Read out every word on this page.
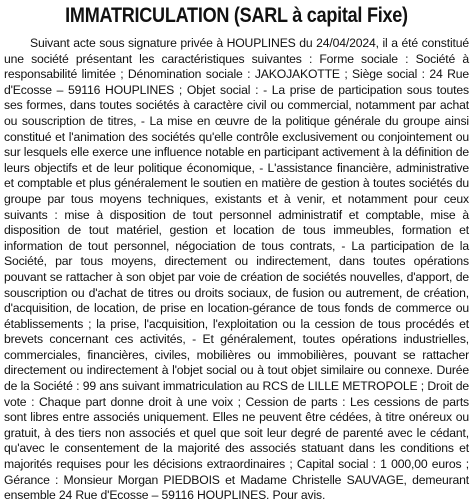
IMMATRICULATION (SARL à capital Fixe)

Suivant acte sous signature privée à HOUPLINES du 24/04/2024, il a été constitué une société présentant les caractéristiques suivantes : Forme sociale : Société à responsabilité limitée ; Dénomination sociale : JAKOJAKOTTE ; Siège social : 24 Rue d'Ecosse – 59116 HOUPLINES ; Objet social : - La prise de participation sous toutes ses formes, dans toutes sociétés à caractère civil ou commercial, notamment par achat ou souscription de titres, - La mise en œuvre de la politique générale du groupe ainsi constitué et l'animation des sociétés qu'elle contrôle exclusivement ou conjointement ou sur lesquels elle exerce une influence notable en participant activement à la définition de leurs objectifs et de leur politique économique, - L'assistance financière, administrative et comptable et plus généralement le soutien en matière de gestion à toutes sociétés du groupe par tous moyens techniques, existants et à venir, et notamment pour ceux suivants : mise à disposition de tout personnel administratif et comptable, mise à disposition de tout matériel, gestion et location de tous immeubles, formation et information de tout personnel, négociation de tous contrats, - La participation de la Société, par tous moyens, directement ou indirectement, dans toutes opérations pouvant se rattacher à son objet par voie de création de sociétés nouvelles, d'apport, de souscription ou d'achat de titres ou droits sociaux, de fusion ou autrement, de création, d'acquisition, de location, de prise en location-gérance de tous fonds de commerce ou établissements ; la prise, l'acquisition, l'exploitation ou la cession de tous procédés et brevets concernant ces activités, - Et généralement, toutes opérations industrielles, commerciales, financières, civiles, mobilières ou immobilières, pouvant se rattacher directement ou indirectement à l'objet social ou à tout objet similaire ou connexe. Durée de la Société : 99 ans suivant immatriculation au RCS de LILLE METROPOLE ; Droit de vote : Chaque part donne droit à une voix ; Cession de parts : Les cessions de parts sont libres entre associés uniquement. Elles ne peuvent être cédées, à titre onéreux ou gratuit, à des tiers non associés et quel que soit leur degré de parenté avec le cédant, qu'avec le consentement de la majorité des associés statuant dans les conditions et majorités requises pour les décisions extraordinaires ; Capital social : 1 000,00 euros ; Gérance : Monsieur Morgan PIEDBOIS et Madame Christelle SAUVAGE, demeurant ensemble 24 Rue d'Ecosse – 59116 HOUPLINES. Pour avis.
